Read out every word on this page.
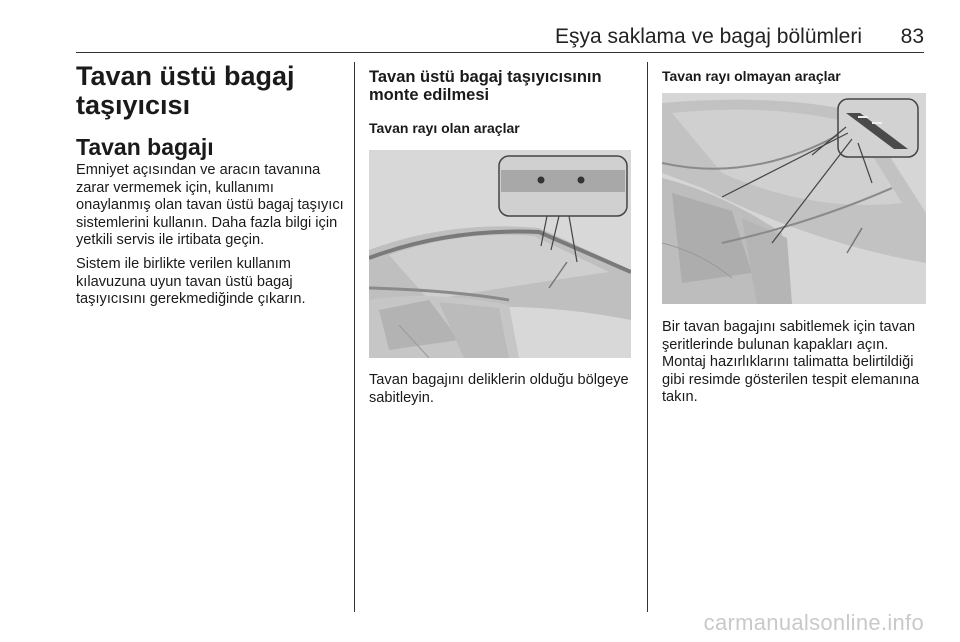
Eşya saklama ve bagaj bölümleri 83
Tavan üstü bagaj taşıyıcısı
Tavan bagajı

Emniyet açısından ve aracın tavanına zarar vermemek için, kullanımı onaylanmış olan tavan üstü bagaj taşıyıcı sistemlerini kullanın. Daha fazla bilgi için yetkili servis ile irtibata geçin.

Sistem ile birlikte verilen kullanım kılavuzuna uyun tavan üstü bagaj taşıyıcısını gerekmediğinde çıkarın.

Tavan üstü bagaj taşıyıcısının monte edilmesi
Tavan rayı olan araçlar

Tavan bagajını deliklerin olduğu bölgeye sabitleyin.

Tavan rayı olmayan araçlar

Bir tavan bagajını sabitlemek için tavan şeritlerinde bulunan kapakları açın. Montaj hazırlıklarını talimatta belirtildiği gibi resimde gösterilen tespit elemanına takın.

carmanualsonline.info
